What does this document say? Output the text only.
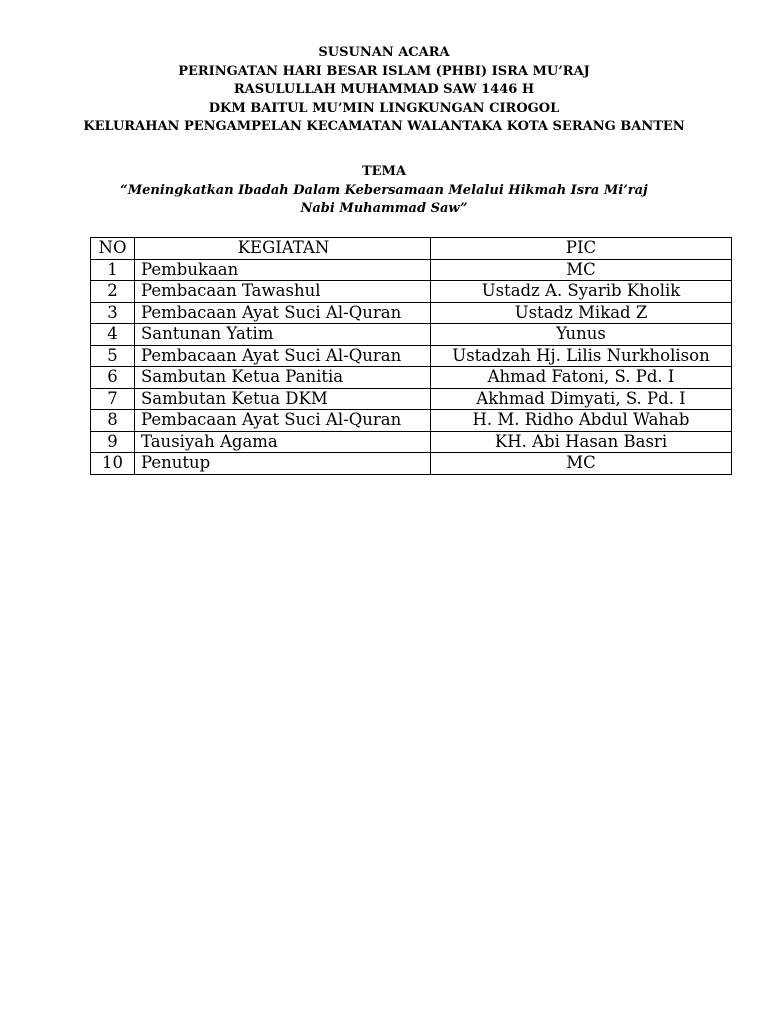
SUSUNAN ACARA
PERINGATAN HARI BESAR ISLAM (PHBI) ISRA MU’RAJ
RASULULLAH MUHAMMAD SAW 1446 H
DKM BAITUL MU’MIN LINGKUNGAN CIROGOL
KELURAHAN PENGAMPELAN KECAMATAN WALANTAKA KOTA SERANG BANTEN
TEMA
“Meningkatkan Ibadah Dalam Kebersamaan Melalui Hikmah Isra Mi’raj
Nabi Muhammad Saw”
NO	KEGIATAN	PIC
1	Pembukaan	MC
2	Pembacaan Tawashul	Ustadz A. Syarib Kholik
3	Pembacaan Ayat Suci Al-Quran	Ustadz Mikad Z
4	Santunan Yatim	Yunus
5	Pembacaan Ayat Suci Al-Quran	Ustadzah Hj. Lilis Nurkholison
6	Sambutan Ketua Panitia	Ahmad Fatoni, S. Pd. I
7	Sambutan Ketua DKM	Akhmad Dimyati, S. Pd. I
8	Pembacaan Ayat Suci Al-Quran	H. M. Ridho Abdul Wahab
9	Tausiyah Agama	KH. Abi Hasan Basri
10	Penutup	MC
